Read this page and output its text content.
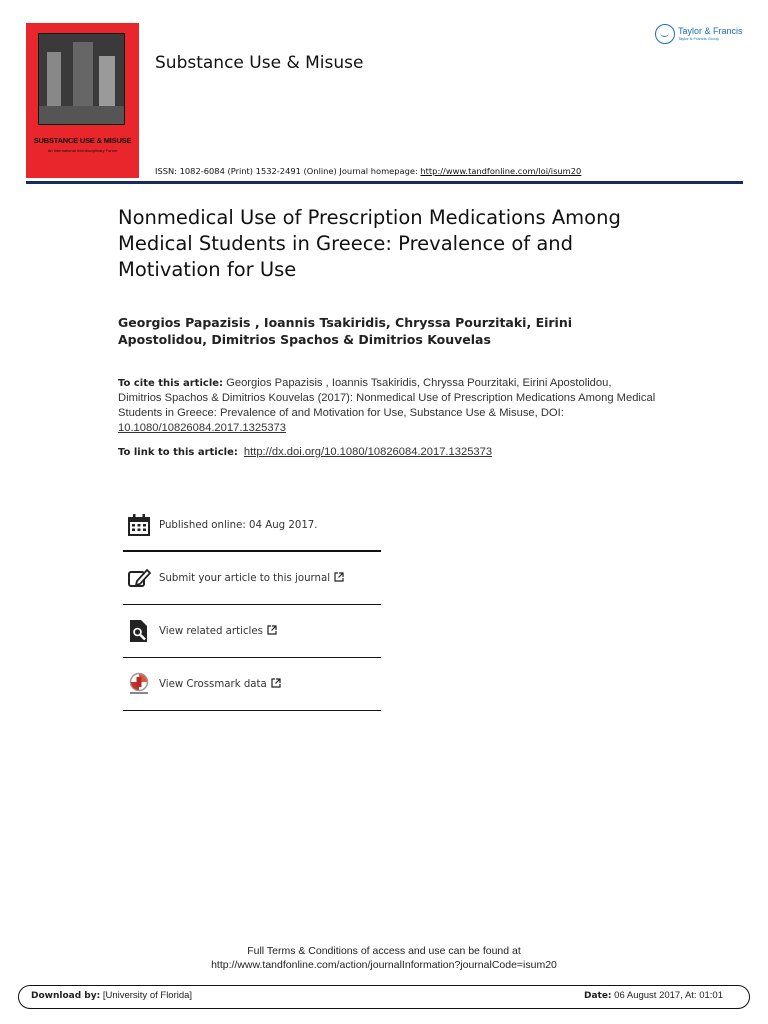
SUBSTANCE USE & MISUSE
An International Interdisciplinary Forum
Substance Use & Misuse
Taylor & Francis
Taylor & Francis Group
ISSN: 1082-6084 (Print) 1532-2491 (Online) Journal homepage: http://www.tandfonline.com/loi/isum20
Nonmedical Use of Prescription Medications Among Medical Students in Greece: Prevalence of and Motivation for Use
Georgios Papazisis , Ioannis Tsakiridis, Chryssa Pourzitaki, Eirini Apostolidou, Dimitrios Spachos & Dimitrios Kouvelas
To cite this article: Georgios Papazisis , Ioannis Tsakiridis, Chryssa Pourzitaki, Eirini Apostolidou, Dimitrios Spachos & Dimitrios Kouvelas (2017): Nonmedical Use of Prescription Medications Among Medical Students in Greece: Prevalence of and Motivation for Use, Substance Use & Misuse, DOI: 10.1080/10826084.2017.1325373
To link to this article: http://dx.doi.org/10.1080/10826084.2017.1325373
Published online: 04 Aug 2017.
Submit your article to this journal
View related articles
View Crossmark data
Full Terms & Conditions of access and use can be found at
http://www.tandfonline.com/action/journalInformation?journalCode=isum20
Download by: [University of Florida]	Date: 06 August 2017, At: 01:01
